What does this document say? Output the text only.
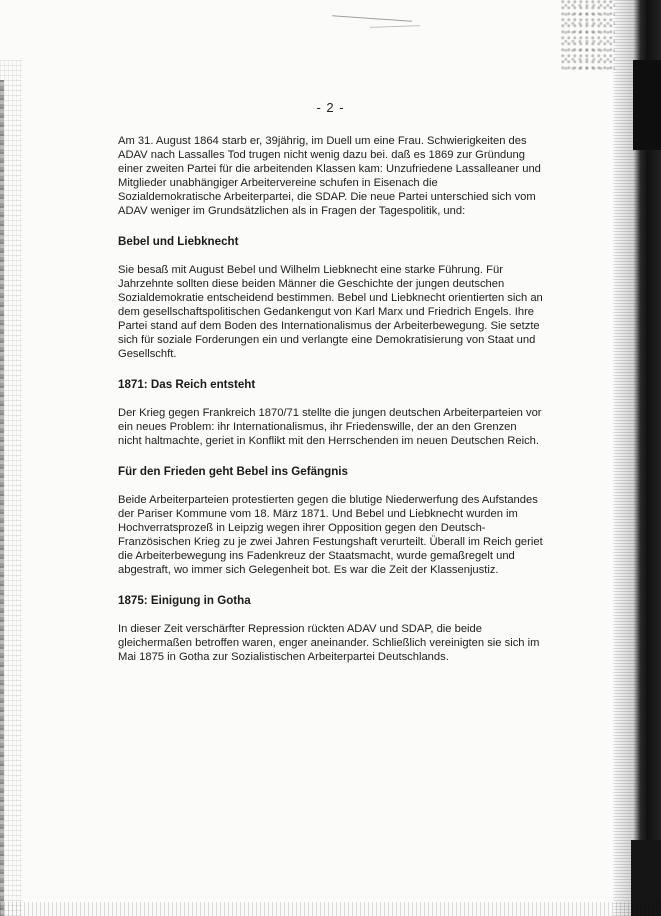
- 2 -

Am 31. August 1864 starb er, 39jährig, im Duell um eine Frau. Schwierigkeiten des ADAV nach Lassalles Tod trugen nicht wenig dazu bei. daß es 1869 zur Gründung einer zweiten Partei für die arbeitenden Klassen kam: Unzufriedene Lassalleaner und Mitglieder unabhängiger Arbeitervereine schufen in Eisenach die Sozialdemokratische Arbeiterpartei, die SDAP. Die neue Partei unterschied sich vom ADAV weniger im Grundsätzlichen als in Fragen der Tagespolitik, und:

Bebel und Liebknecht

Sie besaß mit August Bebel und Wilhelm Liebknecht eine starke Führung. Für Jahrzehnte sollten diese beiden Männer die Geschichte der jungen deutschen Sozialdemokratie entscheidend bestimmen. Bebel und Liebknecht orientierten sich an dem gesellschaftspolitischen Gedankengut von Karl Marx und Friedrich Engels. Ihre Partei stand auf dem Boden des Internationalismus der Arbeiterbewegung. Sie setzte sich für soziale Forderungen ein und verlangte eine Demokratisierung von Staat und Gesellschft.

1871: Das Reich entsteht

Der Krieg gegen Frankreich 1870/71 stellte die jungen deutschen Arbeiterparteien vor ein neues Problem: ihr Internationalismus, ihr Friedenswille, der an den Grenzen nicht haltmachte, geriet in Konflikt mit den Herrschenden im neuen Deutschen Reich.

Für den Frieden geht Bebel ins Gefängnis

Beide Arbeiterparteien protestierten gegen die blutige Niederwerfung des Aufstandes der Pariser Kommune vom 18. März 1871. Und Bebel und Liebknecht wurden im Hochverratsprozeß in Leipzig wegen ihrer Opposition gegen den Deutsch-Französischen Krieg zu je zwei Jahren Festungshaft verurteilt. Überall im Reich geriet die Arbeiterbewegung ins Fadenkreuz der Staatsmacht, wurde gemaßregelt und abgestraft, wo immer sich Gelegenheit bot. Es war die Zeit der Klassenjustiz.

1875: Einigung in Gotha

In dieser Zeit verschärfter Repression rückten ADAV und SDAP, die beide gleichermaßen betroffen waren, enger aneinander. Schließlich vereinigten sie sich im Mai 1875 in Gotha zur Sozialistischen Arbeiterpartei Deutschlands.
